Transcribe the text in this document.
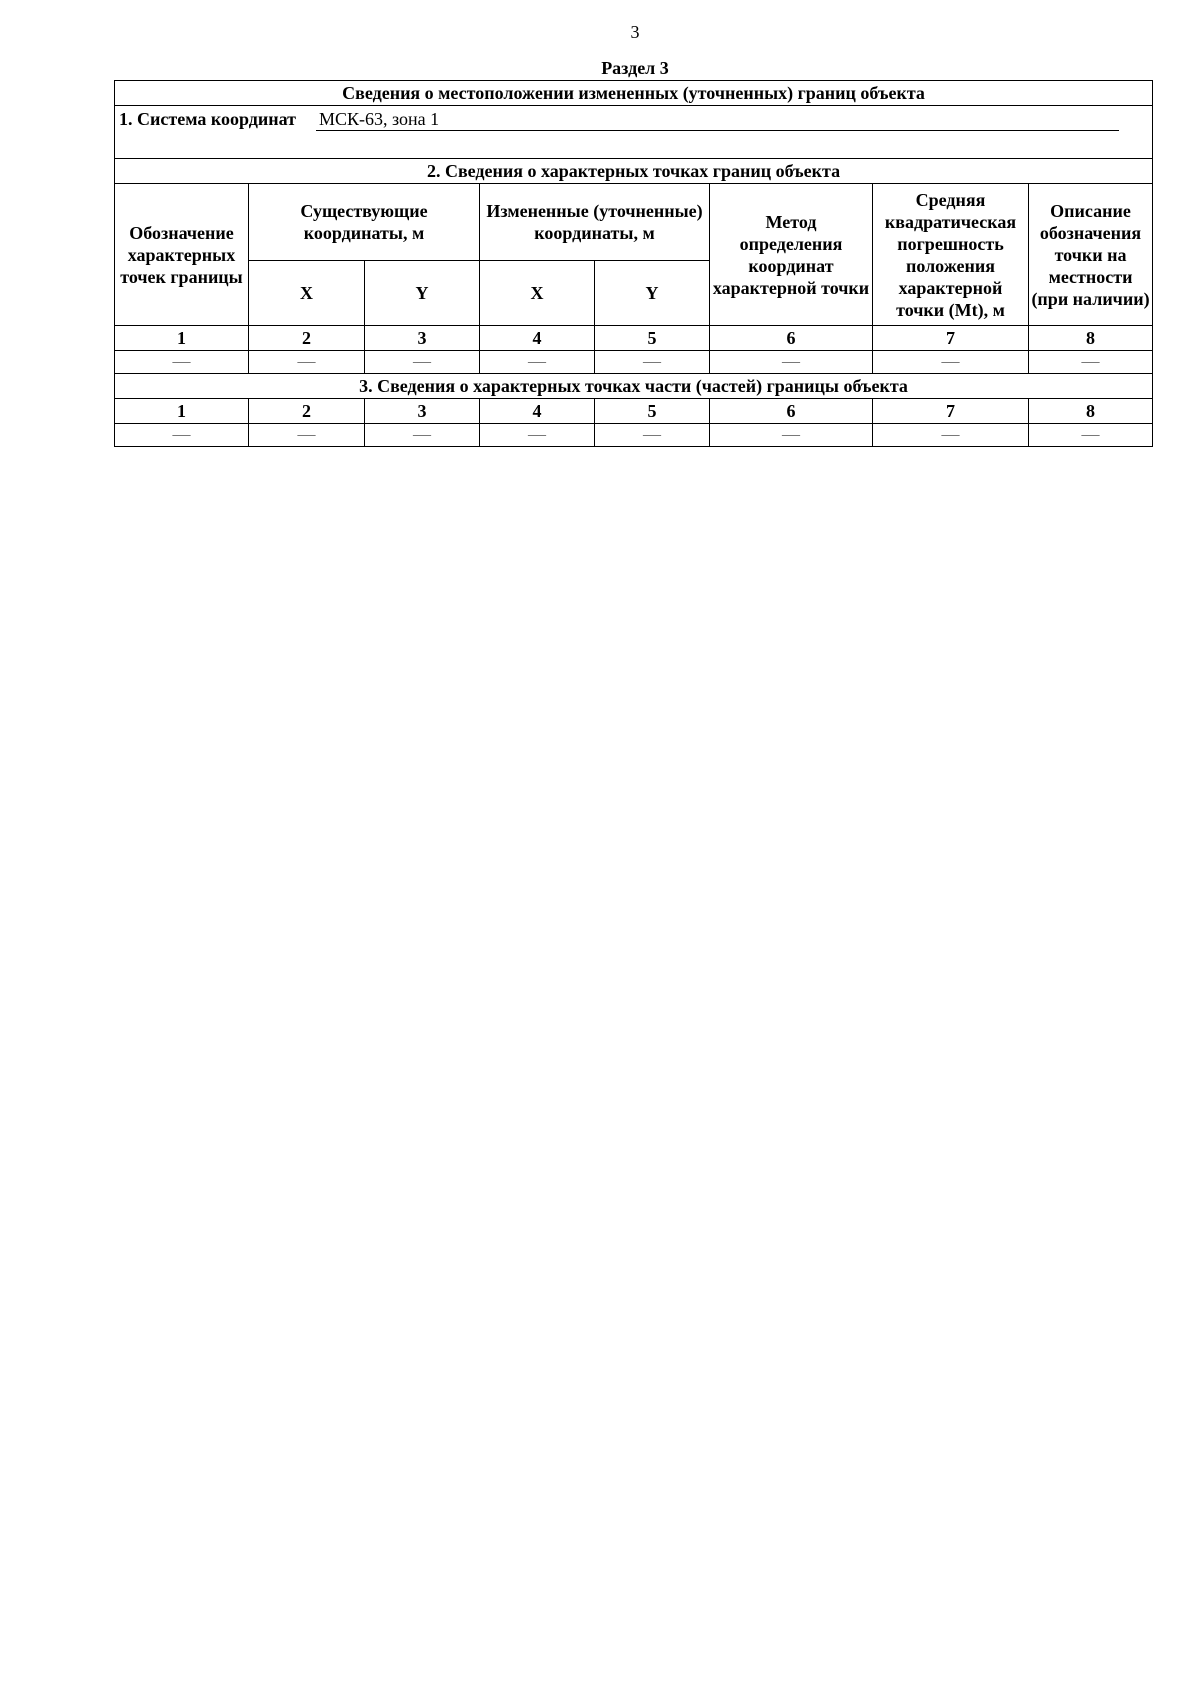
3
Раздел 3
Сведения о местоположении измененных (уточненных) границ объекта							

1. Система координат МСК-63, зона 1							

2. Сведения о характерных точках границ объекта							

Обозначение характерных точек границы	Существующие координаты, м		Измененные (уточненные) координаты, м		Метод определения координат характерной точки	Средняя квадратическая погрешность положения характерной точки (Mt), м	Описание обозначения точки на местности (при наличии)

	X	Y	X	Y			
1	2	3	4	5	6	7	8
—	—	—	—	—	—	—	—
3. Сведения о характерных точках части (частей) границы объекта							
1	2	3	4	5	6	7	8
—	—	—	—	—	—	—	—
